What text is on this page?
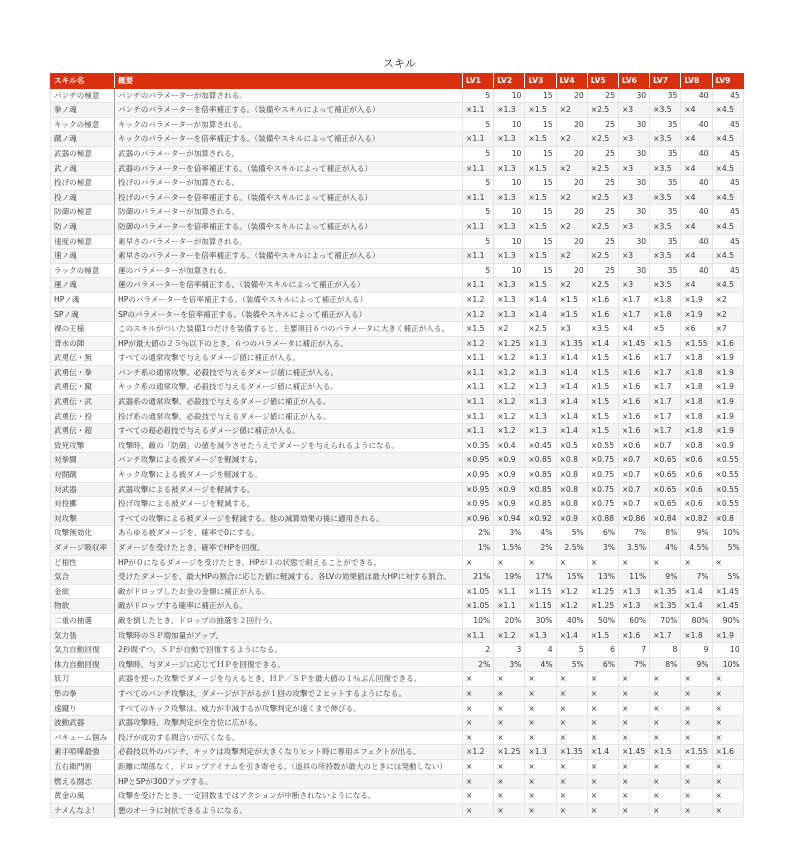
スキル
スキル名	概要	LV1	LV2	LV3	LV4	LV5	LV6	LV7	LV8	LV9
パンチの極意	パンチのパラメーターが加算される。	5	10	15	20	25	30	35	40	45
拳ノ魂	パンチのパラメーターを倍率補正する。（装備やスキルによって補正が入る）	×1.1	×1.3	×1.5	×2	×2.5	×3	×3.5	×4	×4.5
キックの極意	キックのパラメーターが加算される。	5	10	15	20	25	30	35	40	45
蹴ノ魂	キックのパラメーターを倍率補正する。（装備やスキルによって補正が入る）	×1.1	×1.3	×1.5	×2	×2.5	×3	×3.5	×4	×4.5
武器の極意	武器のパラメーターが加算される。	5	10	15	20	25	30	35	40	45
武ノ魂	武器のパラメーターを倍率補正する。（装備やスキルによって補正が入る）	×1.1	×1.3	×1.5	×2	×2.5	×3	×3.5	×4	×4.5
投げの極意	投げのパラメーターが加算される。	5	10	15	20	25	30	35	40	45
投ノ魂	投げのパラメーターを倍率補正する。（装備やスキルによって補正が入る）	×1.1	×1.3	×1.5	×2	×2.5	×3	×3.5	×4	×4.5
防御の極意	防御のパラメーターが加算される。	5	10	15	20	25	30	35	40	45
防ノ魂	防御のパラメーターを倍率補正する。（装備やスキルによって補正が入る）	×1.1	×1.3	×1.5	×2	×2.5	×3	×3.5	×4	×4.5
速度の極意	素早さのパラメーターが加算される。	5	10	15	20	25	30	35	40	45
速ノ魂	素早さのパラメーターを倍率補正する。（装備やスキルによって補正が入る）	×1.1	×1.3	×1.5	×2	×2.5	×3	×3.5	×4	×4.5
ラックの極意	運のパラメーターが加算される。	5	10	15	20	25	30	35	40	45
運ノ魂	運のパラメーターを倍率補正する。（装備やスキルによって補正が入る）	×1.1	×1.3	×1.5	×2	×2.5	×3	×3.5	×4	×4.5
HPノ魂	HPのパラメーターを倍率補正する。（装備やスキルによって補正が入る）	×1.2	×1.3	×1.4	×1.5	×1.6	×1.7	×1.8	×1.9	×2
SPノ魂	SPのパラメーターを倍率補正する。（装備やスキルによって補正が入る）	×1.2	×1.3	×1.4	×1.5	×1.6	×1.7	×1.8	×1.9	×2
裸の王様	このスキルがついた装備1つだけを装備すると、主要項目６つのパラメータに大きく補正が入る。	×1.5	×2	×2.5	×3	×3.5	×4	×5	×6	×7
背水の陣	HPが最大値の２５％以下のとき、６つのパラメータに補正が入る。	×1.2	×1.25	×1.3	×1.35	×1.4	×1.45	×1.5	×1.55	×1.6
武勇伝・無	すべての通常攻撃で与えるダメージ値に補正が入る。	×1.1	×1.2	×1.3	×1.4	×1.5	×1.6	×1.7	×1.8	×1.9
武勇伝・拳	パンチ系の通常攻撃、必殺技で与えるダメージ値に補正が入る。	×1.1	×1.2	×1.3	×1.4	×1.5	×1.6	×1.7	×1.8	×1.9
武勇伝・蹴	キック系の通常攻撃、必殺技で与えるダメージ値に補正が入る。	×1.1	×1.2	×1.3	×1.4	×1.5	×1.6	×1.7	×1.8	×1.9
武勇伝・武	武器系の通常攻撃、必殺技で与えるダメージ値に補正が入る。	×1.1	×1.2	×1.3	×1.4	×1.5	×1.6	×1.7	×1.8	×1.9
武勇伝・投	投げ系の通常攻撃、必殺技で与えるダメージ値に補正が入る。	×1.1	×1.2	×1.3	×1.4	×1.5	×1.6	×1.7	×1.8	×1.9
武勇伝・超	すべての超必殺技で与えるダメージ値に補正が入る。	×1.1	×1.2	×1.3	×1.4	×1.5	×1.6	×1.7	×1.8	×1.9
致死攻撃	攻撃時、敵の「防御」の値を減少させたうえでダメージを与えられるようになる。	×0.35	×0.4	×0.45	×0.5	×0.55	×0.6	×0.7	×0.8	×0.9
対拳闘	パンチ攻撃による被ダメージを軽減する。	×0.95	×0.9	×0.85	×0.8	×0.75	×0.7	×0.65	×0.6	×0.55
対闘蹴	キック攻撃による被ダメージを軽減する。	×0.95	×0.9	×0.85	×0.8	×0.75	×0.7	×0.65	×0.6	×0.55
対武器	武器攻撃による被ダメージを軽減する。	×0.95	×0.9	×0.85	×0.8	×0.75	×0.7	×0.65	×0.6	×0.55
対投擲	投げ攻撃による被ダメージを軽減する。	×0.95	×0.9	×0.85	×0.8	×0.75	×0.7	×0.65	×0.6	×0.55
対攻撃	すべての攻撃による被ダメージを軽減する。他の減算効果の後に適用される。	×0.96	×0.94	×0.92	×0.9	×0.88	×0.86	×0.84	×0.82	×0.8
攻撃無効化	あらゆる被ダメージを、確率で0にする。	2%	3%	4%	5%	6%	7%	8%	9%	10%
ダメージ吸収率	ダメージを受けたとき、確率でHPを回復。	1%	1.5%	2%	2.5%	3%	3.5%	4%	4.5%	5%
ど根性	HPが０になるダメージを受けたとき、HPが１の状態で耐えることができる。	×	×	×	×	×	×	×	×	×
気合	受けたダメージを、最大HPの割合に応じた値に軽減する。各LVの効果値は最大HPに対する割合。	21%	19%	17%	15%	13%	11%	9%	7%	5%
金欲	敵がドロップしたお金の金額に補正が入る。	×1.05	×1.1	×1.15	×1.2	×1.25	×1.3	×1.35	×1.4	×1.45
物欲	敵がドロップする確率に補正が入る。	×1.05	×1.1	×1.15	×1.2	×1.25	×1.3	×1.35	×1.4	×1.45
二重の抽選	敵を倒したとき、ドロップの抽選を２回行う。	10%	20%	30%	40%	50%	60%	70%	80%	90%
気力張	攻撃時のＳＰ増加量がアップ。	×1.1	×1.2	×1.3	×1.4	×1.5	×1.6	×1.7	×1.8	×1.9
気力自動回復	2秒間ずつ、ＳＰが自動で回復するようになる。	2	3	4	5	6	7	8	9	10
体力自動回復	攻撃時、与ダメージに応じてＨＰを回復できる。	2%	3%	4%	5%	6%	7%	8%	9%	10%
妖刀	武器を使った攻撃でダメージを与えるとき、ＨＰ／ＳＰを最大値の１％ぶん回復できる。	×	×	×	×	×	×	×	×	×
隼の拳	すべてのパンチ攻撃は、ダメージが下がるが１回の攻撃で２ヒットするようになる。	×	×	×	×	×	×	×	×	×
遠蹴り	すべてのキック攻撃は、威力が半減するが攻撃判定が遠くまで伸びる。	×	×	×	×	×	×	×	×	×
波動武器	武器攻撃時、攻撃判定が全方位に広がる。	×	×	×	×	×	×	×	×	×
バキューム掴み	投げが成功する間合いが広くなる。	×	×	×	×	×	×	×	×	×
素手喧嘩最強	必殺技以外のパンチ、キックは攻撃判定が大きくなりヒット時に専用エフェクトが出る。	×1.2	×1.25	×1.3	×1.35	×1.4	×1.45	×1.5	×1.55	×1.6
五右衛門術	距離に関係なく、ドロップアイテムを引き寄せる。（道具の所持数が最大のときには発動しない）	×	×	×	×	×	×	×	×	×
燃える闘志	HPとSPが300アップする。	×	×	×	×	×	×	×	×	×
黄金の風	攻撃を受けたとき、一定回数まではアクションが中断されないようになる。	×	×	×	×	×	×	×	×	×
ナメんなよ！	悪のオーラに対抗できるようになる。	×	×	×	×	×	×	×	×	×
